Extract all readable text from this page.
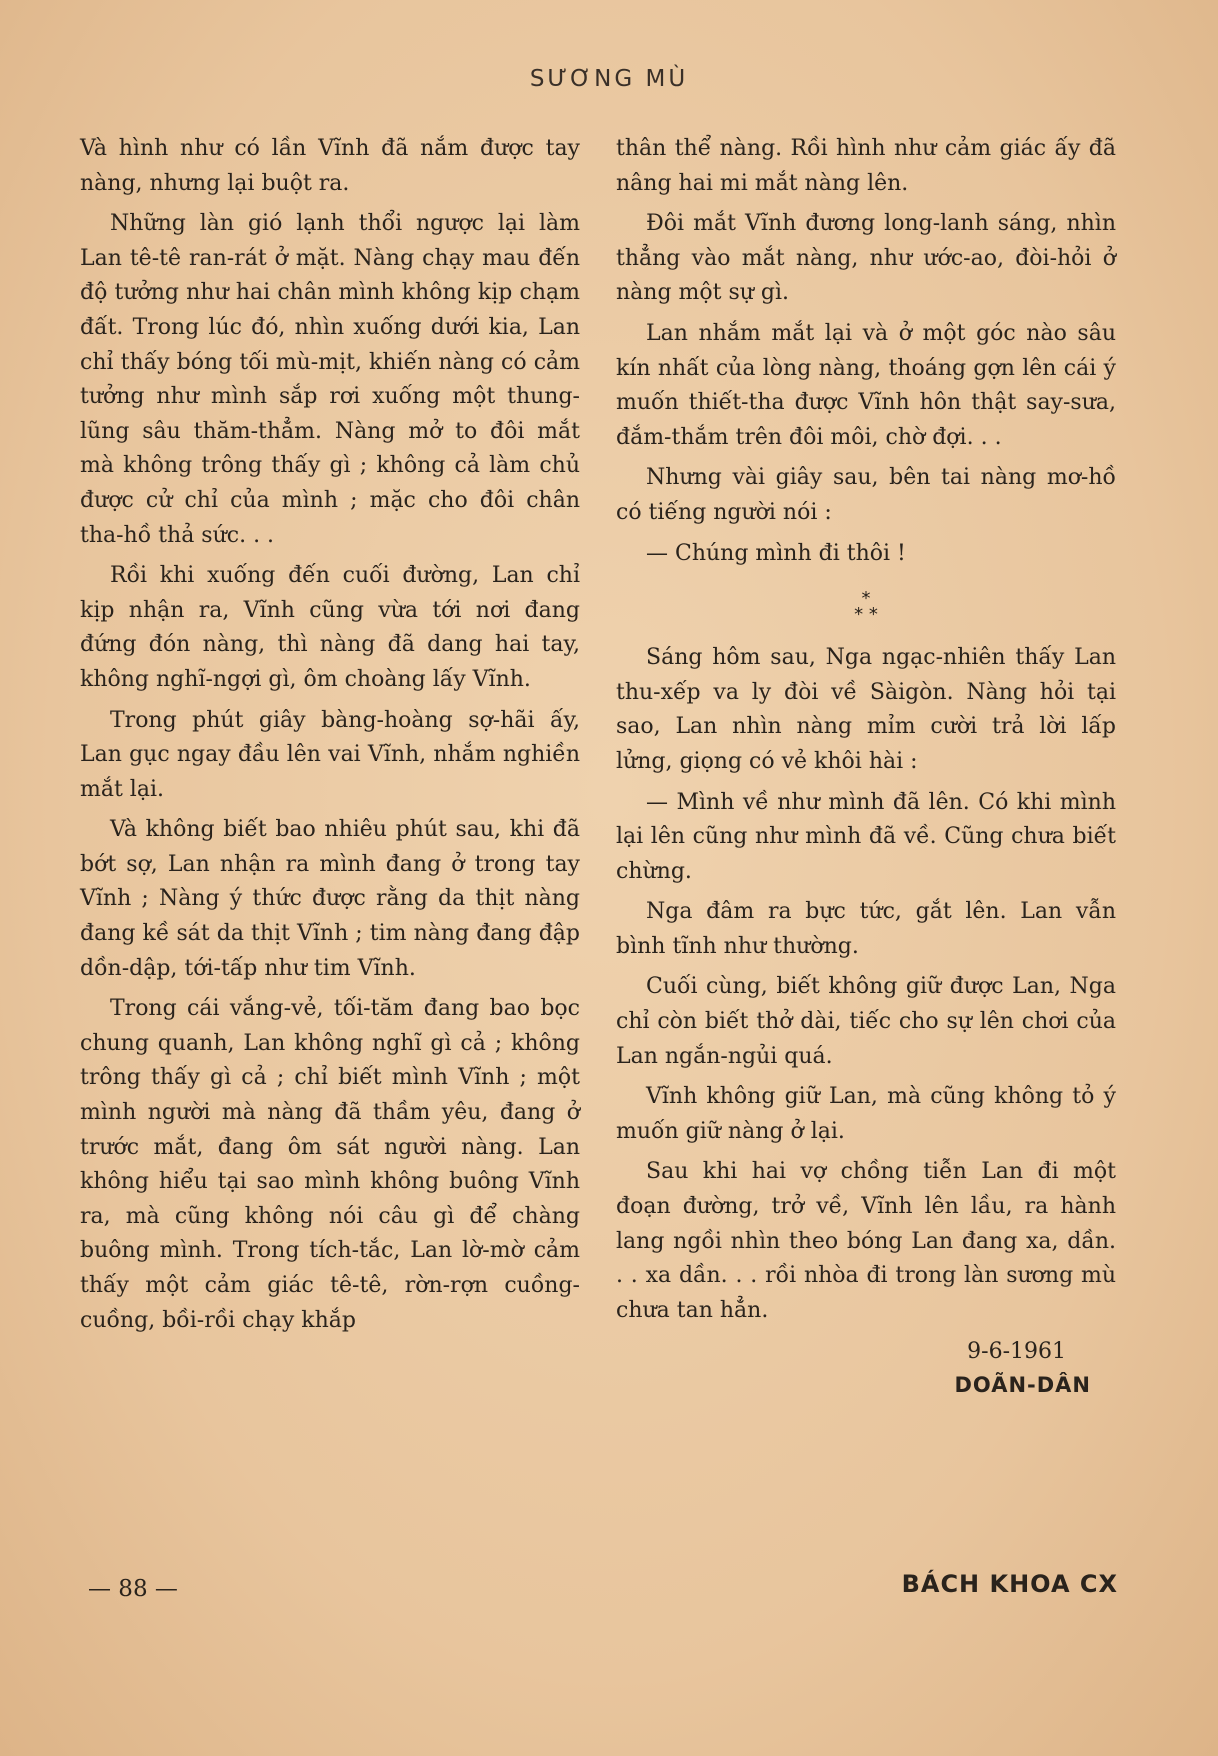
SƯƠNG MÙ

Và hình như có lần Vĩnh đã nắm được tay nàng, nhưng lại buột ra.

Những làn gió lạnh thổi ngược lại làm Lan tê-tê ran-rát ở mặt. Nàng chạy mau đến độ tưởng như hai chân mình không kịp chạm đất. Trong lúc đó, nhìn xuống dưới kia, Lan chỉ thấy bóng tối mù-mịt, khiến nàng có cảm tưởng như mình sắp rơi xuống một thung-lũng sâu thăm-thẳm. Nàng mở to đôi mắt mà không trông thấy gì ; không cả làm chủ được cử chỉ của mình ; mặc cho đôi chân tha-hồ thả sức. . .

Rồi khi xuống đến cuối đường, Lan chỉ kịp nhận ra, Vĩnh cũng vừa tới nơi đang đứng đón nàng, thì nàng đã dang hai tay, không nghĩ-ngợi gì, ôm choàng lấy Vĩnh.

Trong phút giây bàng-hoàng sợ-hãi ấy, Lan gục ngay đầu lên vai Vĩnh, nhắm nghiền mắt lại.

Và không biết bao nhiêu phút sau, khi đã bớt sợ, Lan nhận ra mình đang ở trong tay Vĩnh ; Nàng ý thức được rằng da thịt nàng đang kề sát da thịt Vĩnh ; tim nàng đang đập dồn-dập, tới-tấp như tim Vĩnh.

Trong cái vắng-vẻ, tối-tăm đang bao bọc chung quanh, Lan không nghĩ gì cả ; không trông thấy gì cả ; chỉ biết mình Vĩnh ; một mình người mà nàng đã thầm yêu, đang ở trước mắt, đang ôm sát người nàng. Lan không hiểu tại sao mình không buông Vĩnh ra, mà cũng không nói câu gì để chàng buông mình. Trong tích-tắc, Lan lờ-mờ cảm thấy một cảm giác tê-tê, rờn-rợn cuồng-cuồng, bồi-rồi chạy khắp

thân thể nàng. Rồi hình như cảm giác ấy đã nâng hai mi mắt nàng lên.

Đôi mắt Vĩnh đương long-lanh sáng, nhìn thẳng vào mắt nàng, như ước-ao, đòi-hỏi ở nàng một sự gì.

Lan nhắm mắt lại và ở một góc nào sâu kín nhất của lòng nàng, thoáng gợn lên cái ý muốn thiết-tha được Vĩnh hôn thật say-sưa, đắm-thắm trên đôi môi, chờ đợi. . .

Nhưng vài giây sau, bên tai nàng mơ-hồ có tiếng người nói :

— Chúng mình đi thôi !

*
* *

Sáng hôm sau, Nga ngạc-nhiên thấy Lan thu-xếp va ly đòi về Sàigòn. Nàng hỏi tại sao, Lan nhìn nàng mỉm cười trả lời lấp lửng, giọng có vẻ khôi hài :

— Mình về như mình đã lên. Có khi mình lại lên cũng như mình đã về. Cũng chưa biết chừng.

Nga đâm ra bực tức, gắt lên. Lan vẫn bình tĩnh như thường.

Cuối cùng, biết không giữ được Lan, Nga chỉ còn biết thở dài, tiếc cho sự lên chơi của Lan ngắn-ngủi quá.

Vĩnh không giữ Lan, mà cũng không tỏ ý muốn giữ nàng ở lại.

Sau khi hai vợ chồng tiễn Lan đi một đoạn đường, trở về, Vĩnh lên lầu, ra hành lang ngồi nhìn theo bóng Lan đang xa, dần. . . xa dần. . . rồi nhòa đi trong làn sương mù chưa tan hẳn.

9-6-1961
DOÃN-DÂN
— 88 —	BÁCH KHOA CX
